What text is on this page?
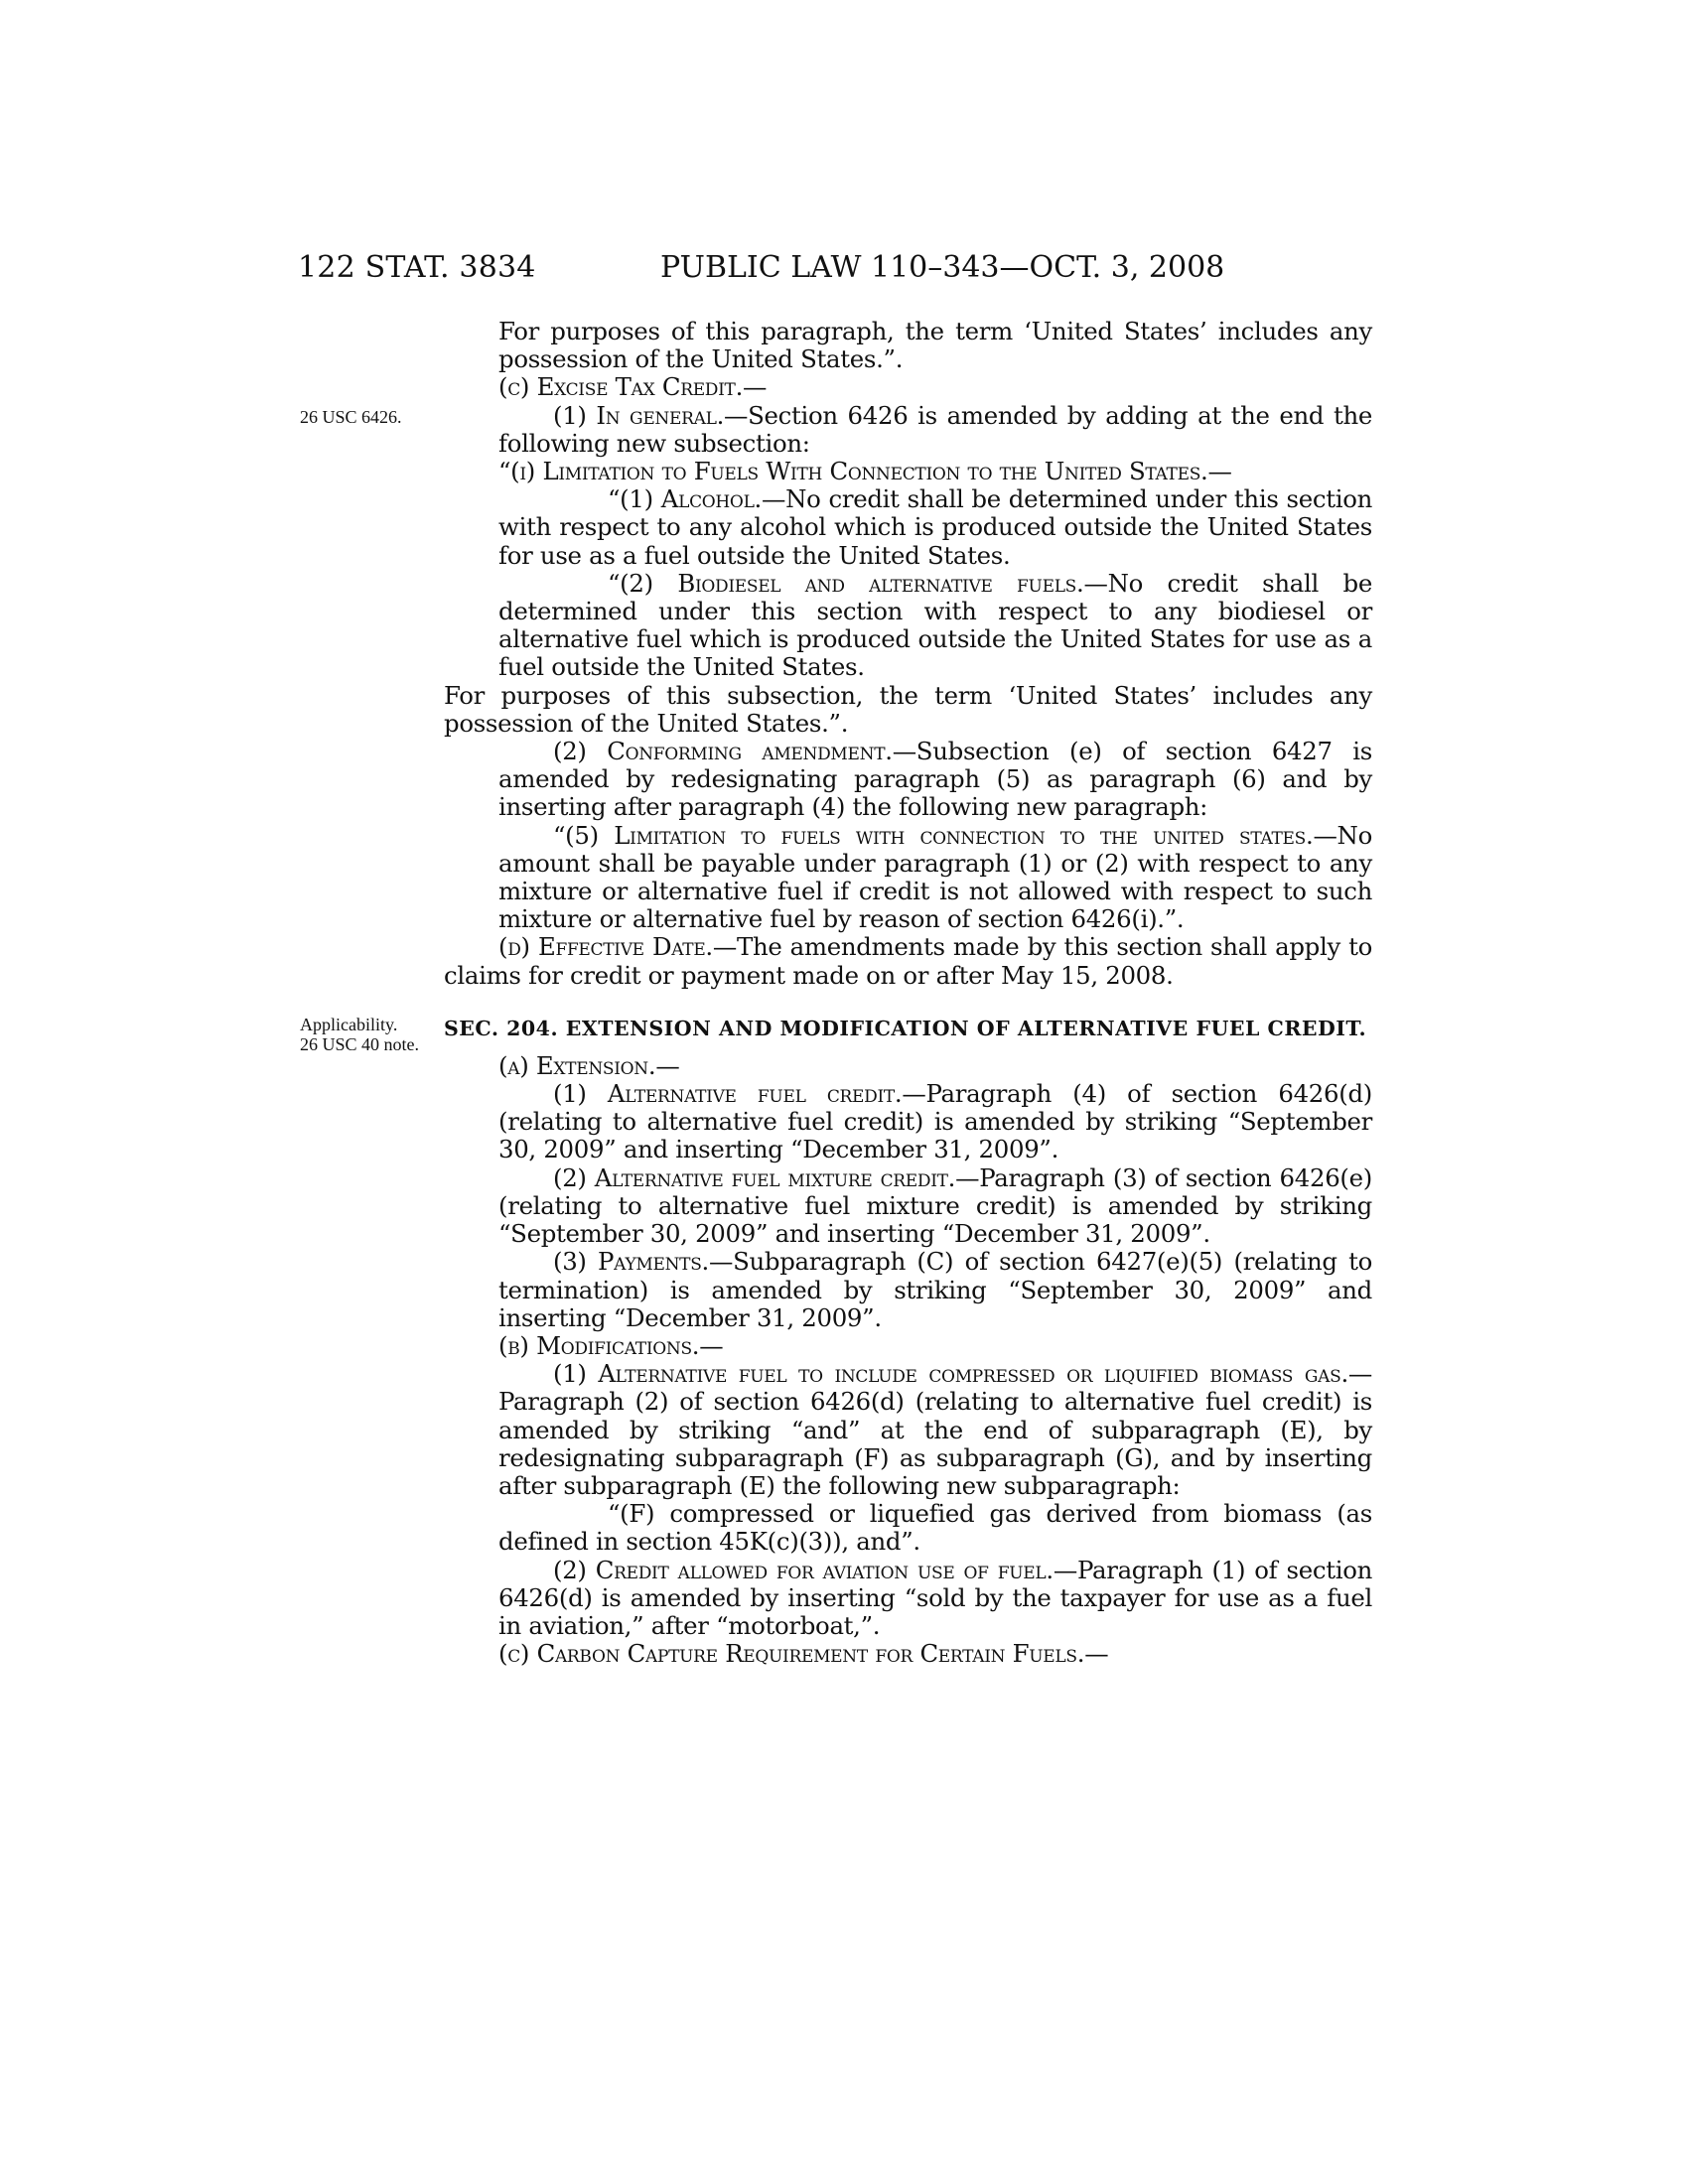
122 STAT. 3834	PUBLIC LAW 110–343—OCT. 3, 2008
26 USC 6426.
Applicability.
26 USC 40 note.

For purposes of this paragraph, the term ‘United States’ includes any possession of the United States.”.

(c) Excise Tax Credit.—

(1) In general.—Section 6426 is amended by adding at the end the following new subsection:

“(i) Limitation to Fuels With Connection to the United States.—

“(1) Alcohol.—No credit shall be determined under this section with respect to any alcohol which is produced outside the United States for use as a fuel outside the United States.

“(2) Biodiesel and alternative fuels.—No credit shall be determined under this section with respect to any biodiesel or alternative fuel which is produced outside the United States for use as a fuel outside the United States.

For purposes of this subsection, the term ‘United States’ includes any possession of the United States.”.

(2) Conforming amendment.—Subsection (e) of section 6427 is amended by redesignating paragraph (5) as paragraph (6) and by inserting after paragraph (4) the following new paragraph:

“(5) Limitation to fuels with connection to the united states.—No amount shall be payable under paragraph (1) or (2) with respect to any mixture or alternative fuel if credit is not allowed with respect to such mixture or alternative fuel by reason of section 6426(i).”.

(d) Effective Date.—The amendments made by this section shall apply to claims for credit or payment made on or after May 15, 2008.

SEC. 204. EXTENSION AND MODIFICATION OF ALTERNATIVE FUEL CREDIT.

(a) Extension.—

(1) Alternative fuel credit.—Paragraph (4) of section 6426(d) (relating to alternative fuel credit) is amended by striking “September 30, 2009” and inserting “December 31, 2009”.

(2) Alternative fuel mixture credit.—Paragraph (3) of section 6426(e) (relating to alternative fuel mixture credit) is amended by striking “September 30, 2009” and inserting “December 31, 2009”.

(3) Payments.—Subparagraph (C) of section 6427(e)(5) (relating to termination) is amended by striking “September 30, 2009” and inserting “December 31, 2009”.

(b) Modifications.—

(1) Alternative fuel to include compressed or liquified biomass gas.—Paragraph (2) of section 6426(d) (relating to alternative fuel credit) is amended by striking “and” at the end of subparagraph (E), by redesignating subparagraph (F) as subparagraph (G), and by inserting after subparagraph (E) the following new subparagraph:

“(F) compressed or liquefied gas derived from biomass (as defined in section 45K(c)(3)), and”.

(2) Credit allowed for aviation use of fuel.—Paragraph (1) of section 6426(d) is amended by inserting “sold by the taxpayer for use as a fuel in aviation,” after “motorboat,”.

(c) Carbon Capture Requirement for Certain Fuels.—
